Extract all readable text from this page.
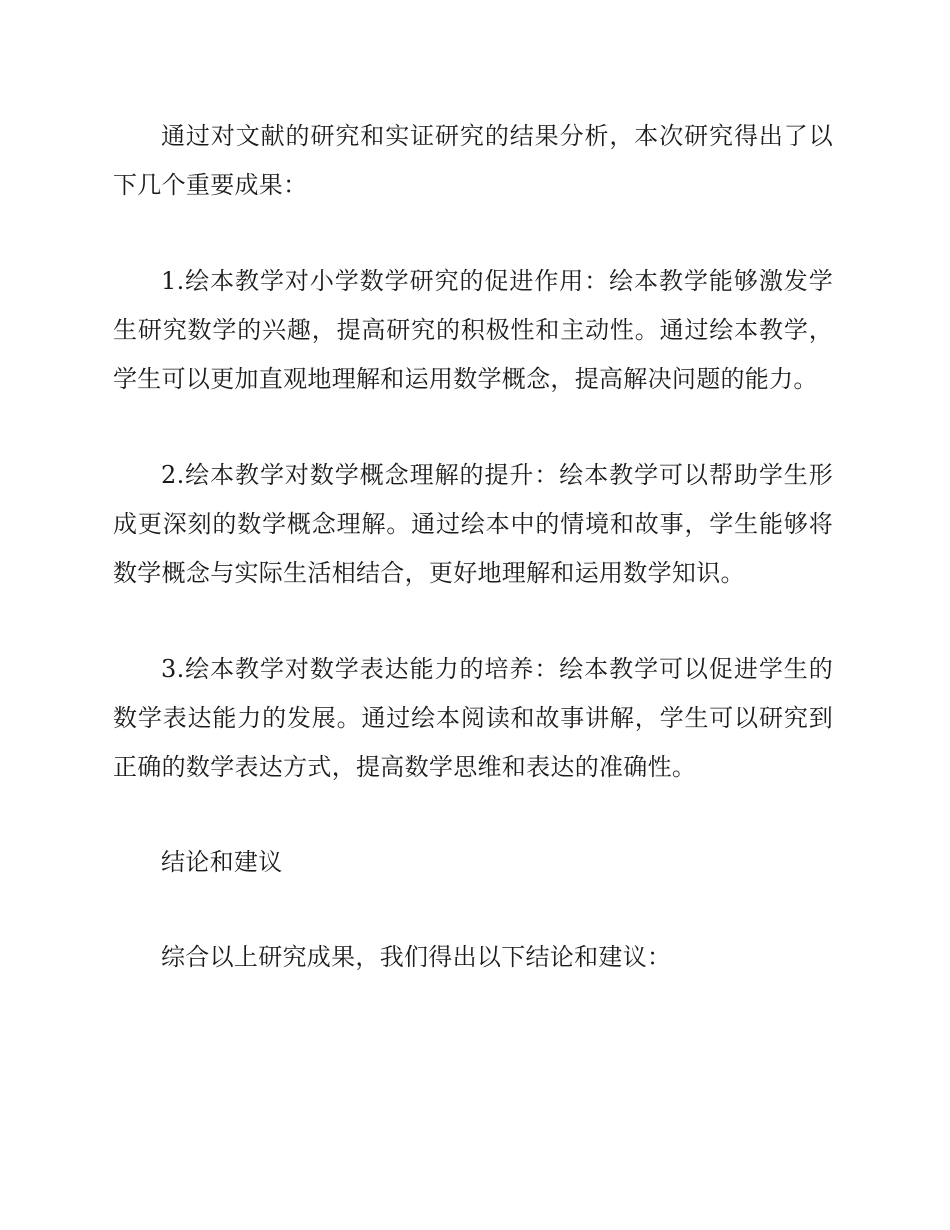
通过对文献的研究和实证研究的结果分析，本次研究得出了以下几个重要成果：

1.绘本教学对小学数学研究的促进作用：绘本教学能够激发学生研究数学的兴趣，提高研究的积极性和主动性。通过绘本教学，学生可以更加直观地理解和运用数学概念，提高解决问题的能力。

2.绘本教学对数学概念理解的提升：绘本教学可以帮助学生形成更深刻的数学概念理解。通过绘本中的情境和故事，学生能够将数学概念与实际生活相结合，更好地理解和运用数学知识。

3.绘本教学对数学表达能力的培养：绘本教学可以促进学生的数学表达能力的发展。通过绘本阅读和故事讲解，学生可以研究到正确的数学表达方式，提高数学思维和表达的准确性。

结论和建议

综合以上研究成果，我们得出以下结论和建议：
